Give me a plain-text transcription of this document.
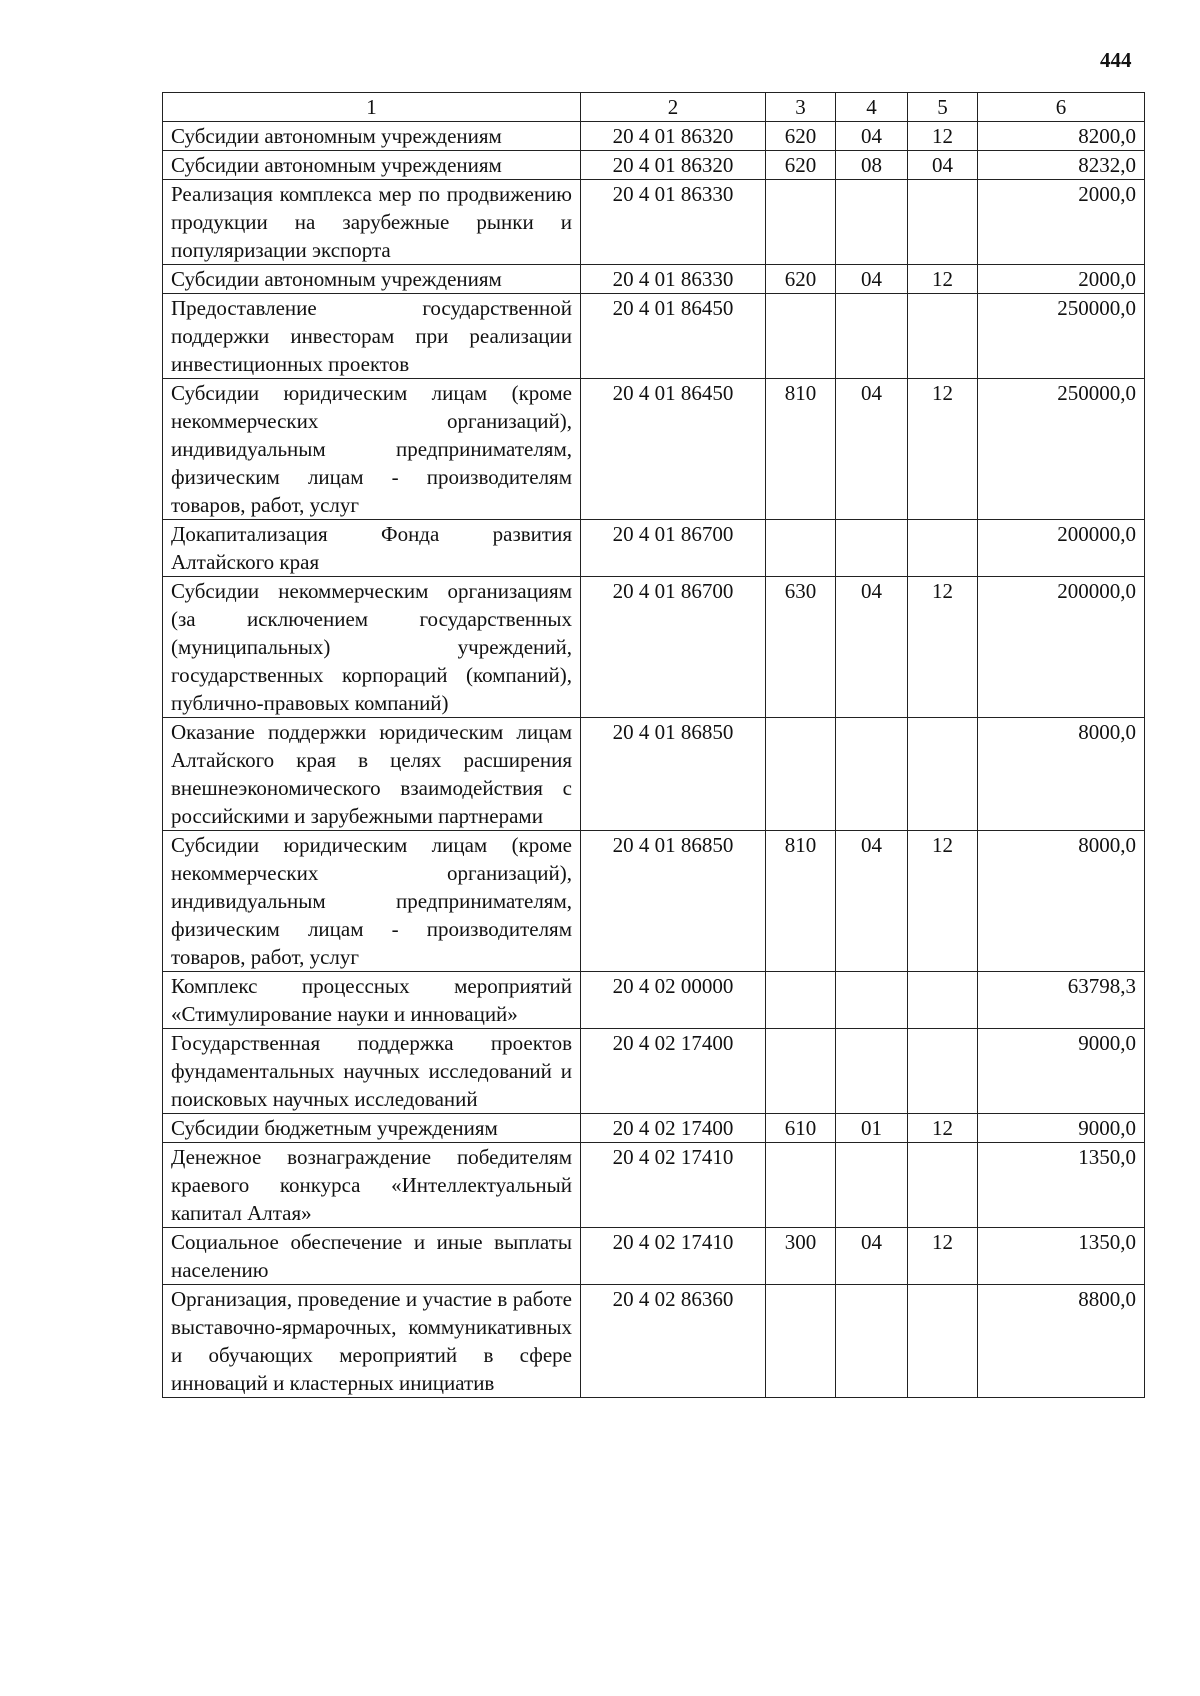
444
1	2	3	4	5	6
Субсидии автономным учреждениям	20 4 01 86320	620	04	12	8200,0
Субсидии автономным учреждениям	20 4 01 86320	620	08	04	8232,0
Реализация комплекса мер по продвижению продукции на зарубежные рынки и популяризации экспорта	20 4 01 86330				2000,0
Субсидии автономным учреждениям	20 4 01 86330	620	04	12	2000,0
Предоставление государственной поддержки инвесторам при реализации инвестиционных проектов	20 4 01 86450				250000,0
Субсидии юридическим лицам (кроме некоммерческих организаций), индивидуальным предпринимателям, физическим лицам - производителям товаров, работ, услуг	20 4 01 86450	810	04	12	250000,0
Докапитализация Фонда развития Алтайского края	20 4 01 86700				200000,0
Субсидии некоммерческим организациям (за исключением государственных (муниципальных) учреждений, государственных корпораций (компаний), публично-правовых компаний)	20 4 01 86700	630	04	12	200000,0
Оказание поддержки юридическим лицам Алтайского края в целях расширения внешнеэкономического взаимодействия с российскими и зарубежными партнерами	20 4 01 86850				8000,0
Субсидии юридическим лицам (кроме некоммерческих организаций), индивидуальным предпринимателям, физическим лицам - производителям товаров, работ, услуг	20 4 01 86850	810	04	12	8000,0
Комплекс процессных мероприятий «Стимулирование науки и инноваций»	20 4 02 00000				63798,3
Государственная поддержка проектов фундаментальных научных исследований и поисковых научных исследований	20 4 02 17400				9000,0
Субсидии бюджетным учреждениям	20 4 02 17400	610	01	12	9000,0
Денежное вознаграждение победителям краевого конкурса «Интеллектуальный капитал Алтая»	20 4 02 17410				1350,0
Социальное обеспечение и иные выплаты населению	20 4 02 17410	300	04	12	1350,0
Организация, проведение и участие в работе выставочно-ярмарочных, коммуникативных и обучающих мероприятий в сфере инноваций и кластерных инициатив	20 4 02 86360				8800,0
